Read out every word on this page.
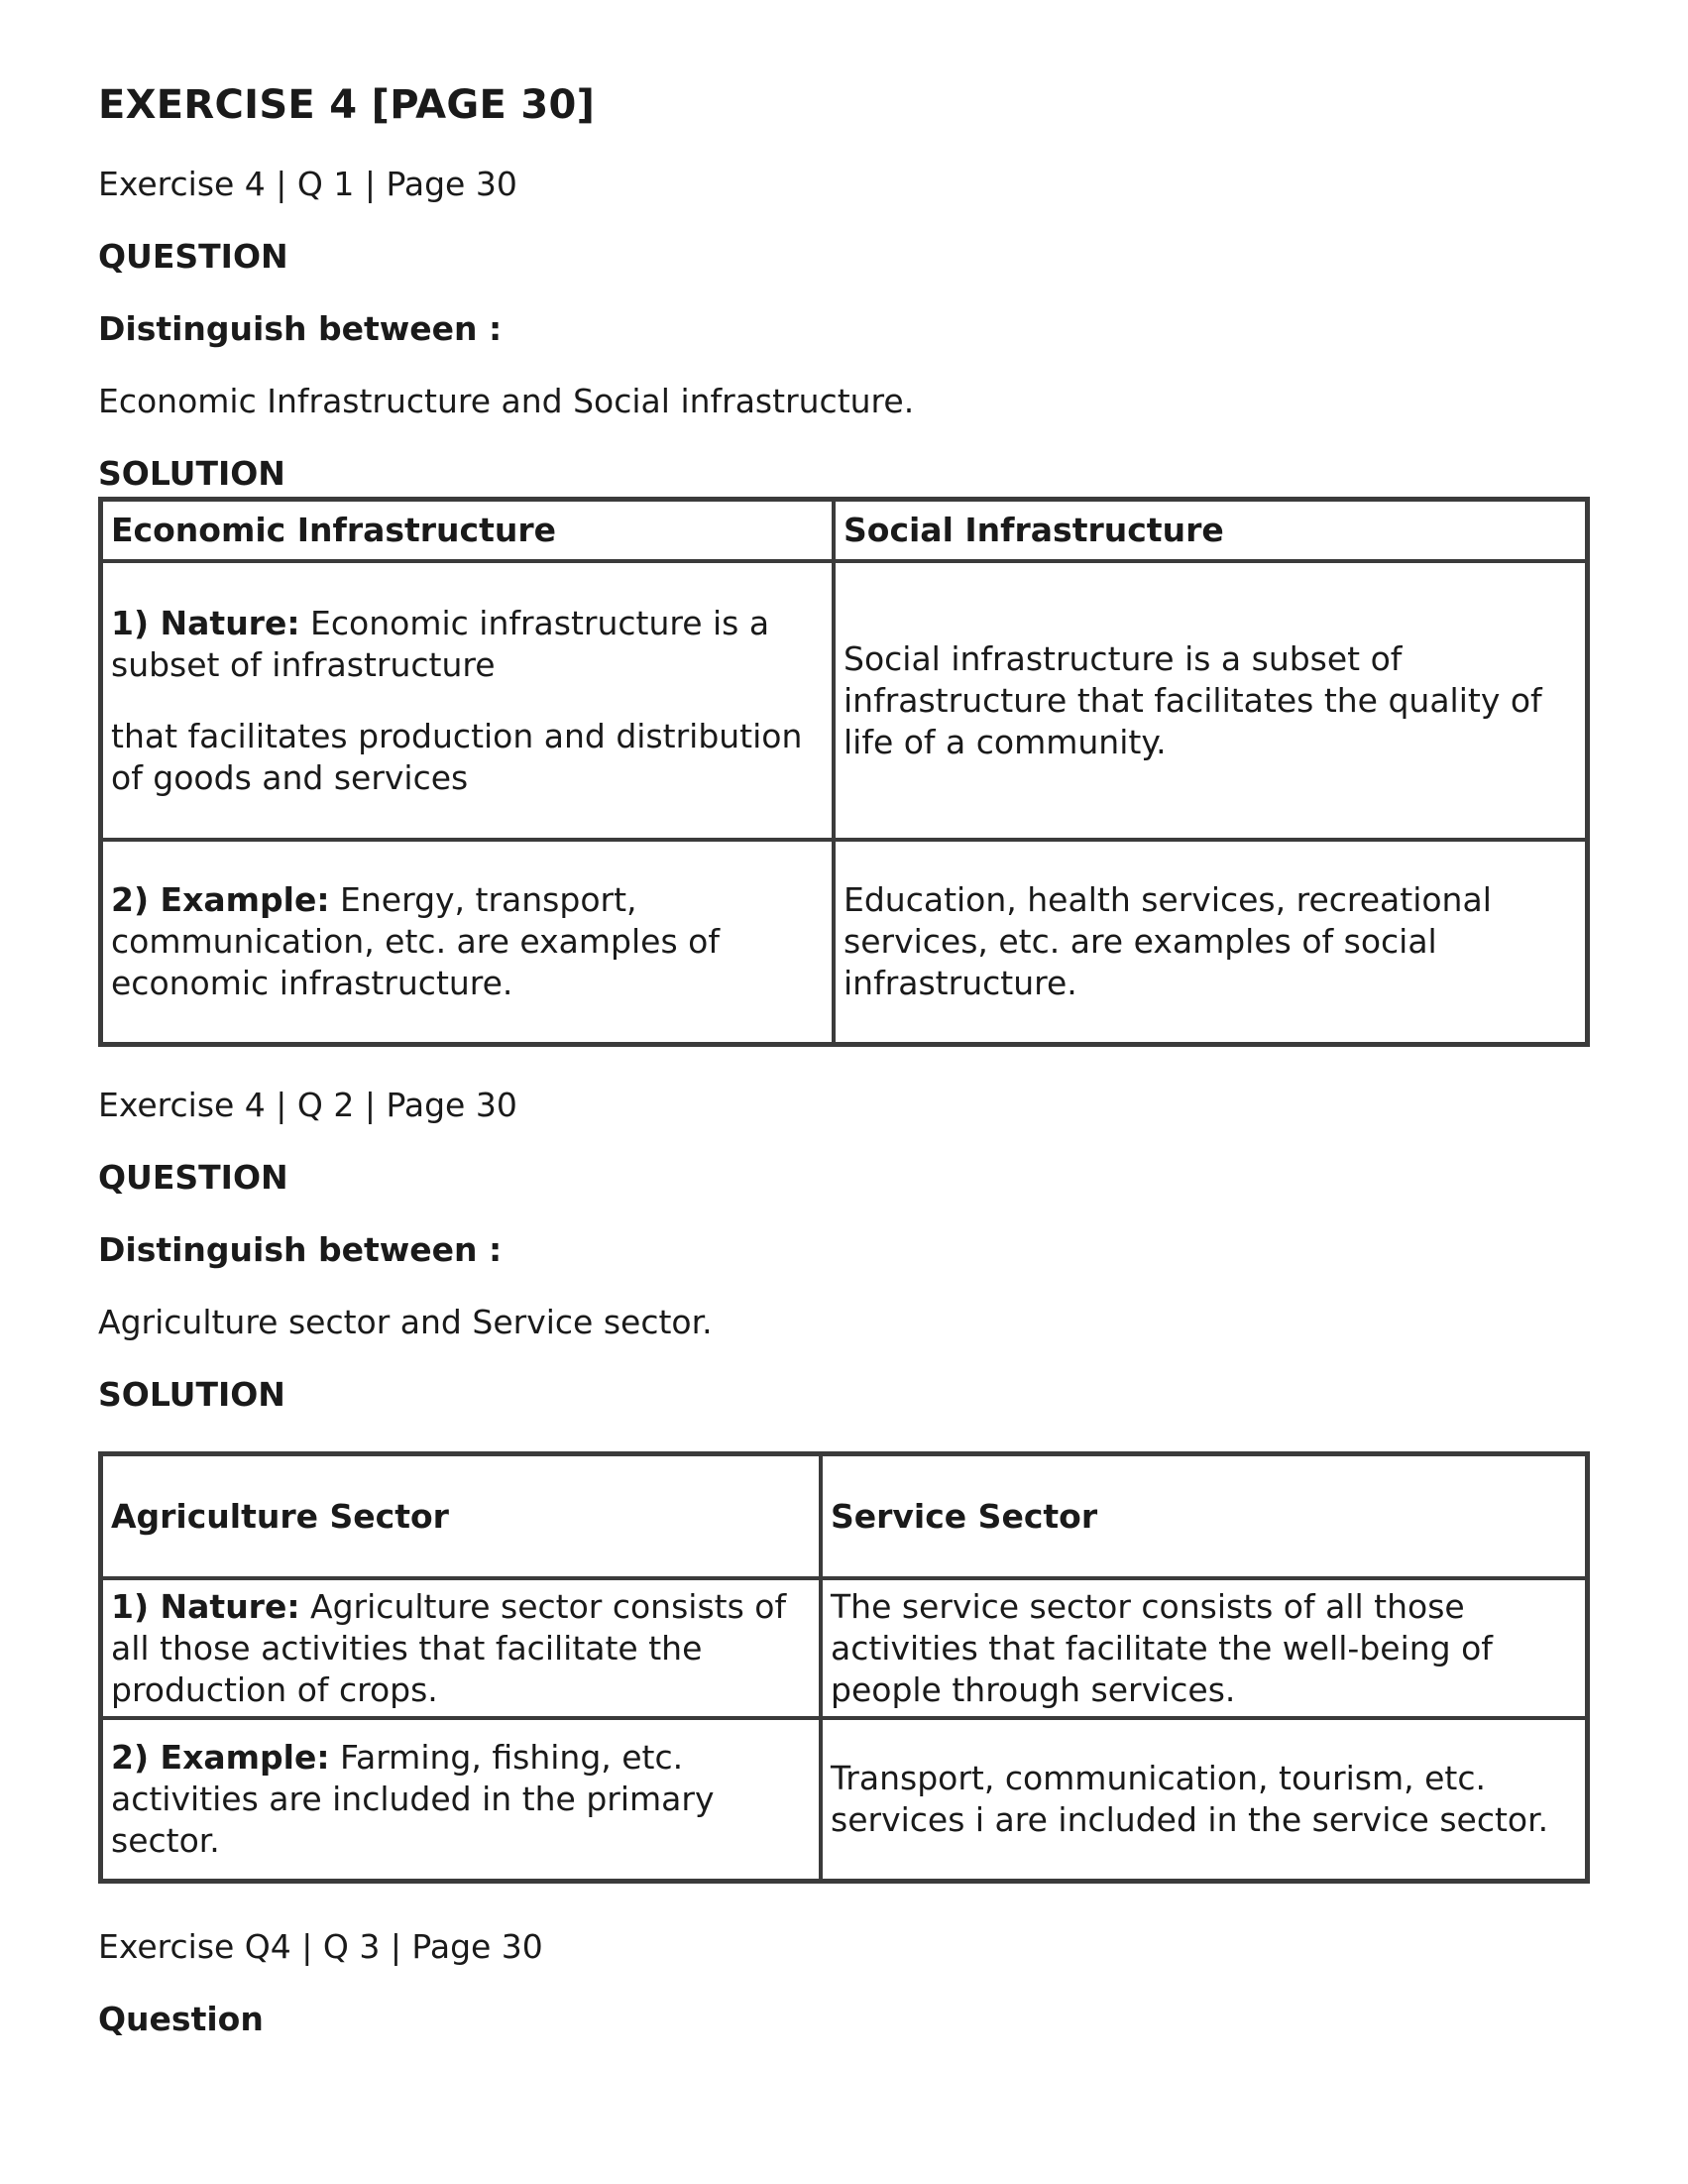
EXERCISE 4 [PAGE 30]

Exercise 4 | Q 1 | Page 30

QUESTION

Distinguish between :

Economic Infrastructure and Social infrastructure.

SOLUTION

Economic Infrastructure	Social Infrastructure

1) Nature: Economic infrastructure is a subset of infrastructure
that facilitates production and distribution of goods and services	Social infrastructure is a subset of infrastructure that facilitates the quality of life of a community.

2) Example: Energy, transport, communication, etc. are examples of economic infrastructure.	Education, health services, recreational services, etc. are examples of social infrastructure.

Exercise 4 | Q 2 | Page 30

QUESTION

Distinguish between :

Agriculture sector and Service sector.

SOLUTION

Agriculture Sector	Service Sector

1) Nature: Agriculture sector consists of all those activities that facilitate the production of crops.	The service sector consists of all those activities that facilitate the well-being of people through services.

2) Example: Farming, fishing, etc. activities are included in the primary sector.	Transport, communication, tourism, etc. services i are included in the service sector.

Exercise Q4 | Q 3 | Page 30

Question
